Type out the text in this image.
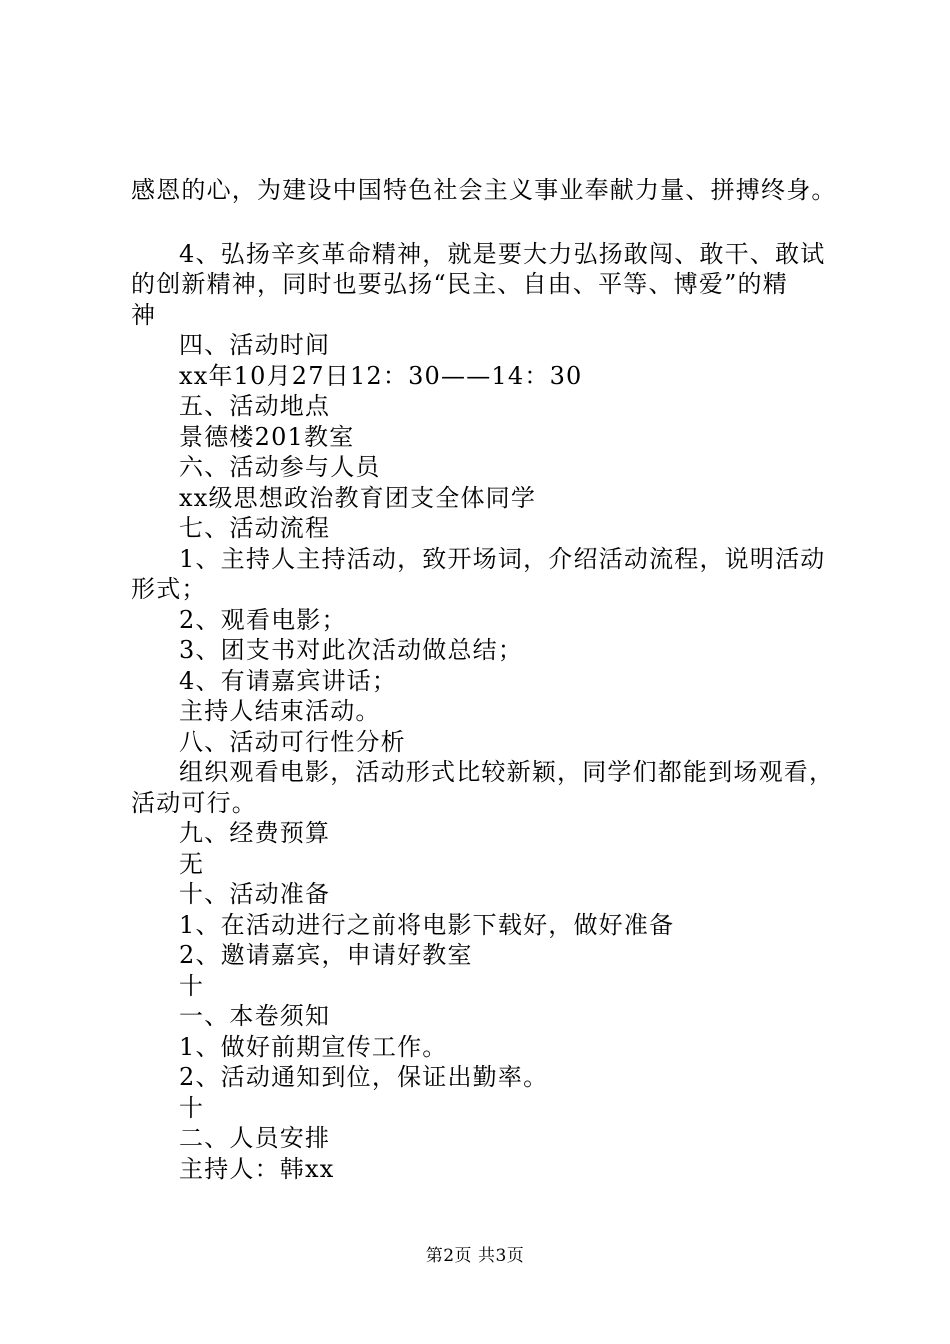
感恩的心，为建设中国特色社会主义事业奉献力量、拼搏终身。
4、弘扬辛亥革命精神，就是要大力弘扬敢闯、敢干、敢试
的创新精神，同时也要弘扬“民主、自由、平等、博爱”的精
神
四、活动时间
xx年10月27日12：30——14：30
五、活动地点
景德楼201教室
六、活动参与人员
xx级思想政治教育团支全体同学
七、活动流程
1、主持人主持活动，致开场词，介绍活动流程，说明活动
形式；
2、观看电影；
3、团支书对此次活动做总结；
4、有请嘉宾讲话；
主持人结束活动。
八、活动可行性分析
组织观看电影，活动形式比较新颖，同学们都能到场观看，
活动可行。
九、经费预算
无
十、活动准备
1、在活动进行之前将电影下载好，做好准备
2、邀请嘉宾，申请好教室
十
一、本卷须知
1、做好前期宣传工作。
2、活动通知到位，保证出勤率。
十
二、人员安排
主持人：韩xx
第2页 共3页
